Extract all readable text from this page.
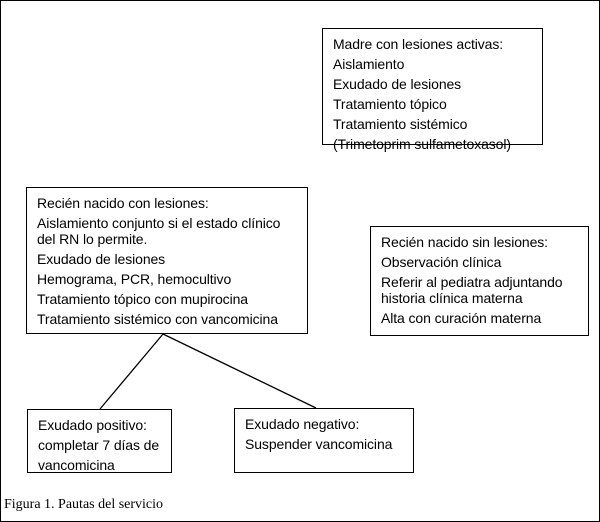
Madre con lesiones activas:
Aislamiento
Exudado de lesiones
Tratamiento tópico
Tratamiento sistémico
(Trimetoprim sulfametoxasol)
Recién nacido con lesiones:
Aislamiento conjunto si el estado clínico
del RN lo permite.
Exudado de lesiones
Hemograma, PCR, hemocultivo
Tratamiento tópico con mupirocina
Tratamiento sistémico con vancomicina
Recién nacido sin lesiones:
Observación clínica
Referir al pediatra adjuntando
historia clínica materna
Alta con curación materna
Exudado positivo:
completar 7 días de
vancomicina
Exudado negativo:
Suspender vancomicina
Figura 1. Pautas del servicio
